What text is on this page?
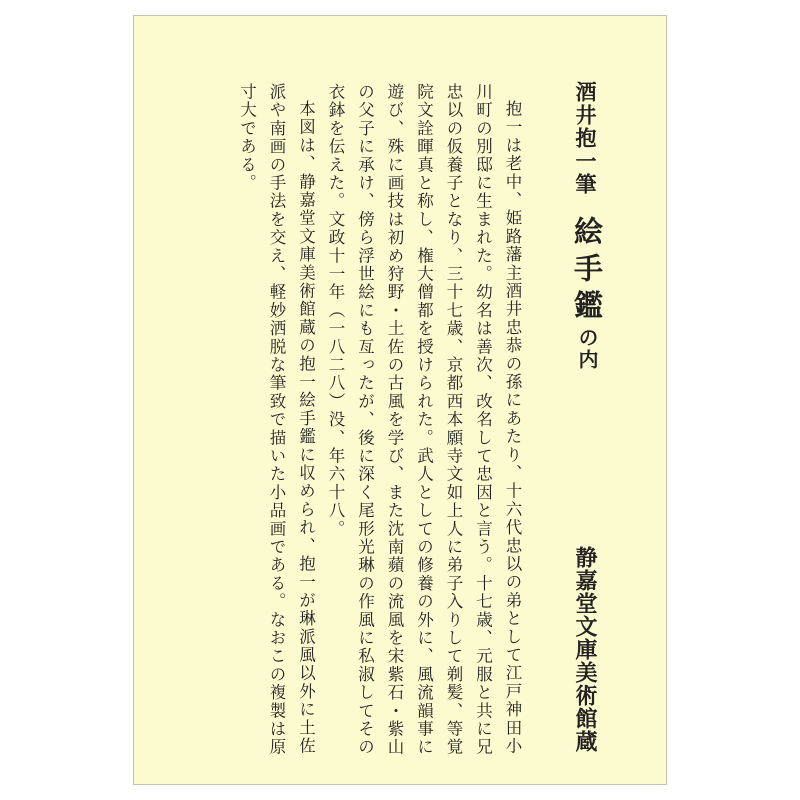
酒井抱一筆
絵手鑑の内
静嘉堂文庫美術館蔵

抱一は老中、姫路藩主酒井忠恭の孫にあたり、十六代忠以の弟として江戸神田小川町の別邸に生まれた。幼名は善次、改名して忠因と言う。十七歳、元服と共に兄忠以の仮養子となり、三十七歳、京都西本願寺文如上人に弟子入りして剃髪、等覚院文詮暉真と称し、権大僧都を授けられた。武人としての修養の外に、風流韻事に遊び、殊に画技は初め狩野・土佐の古風を学び、また沈南蘋の流風を宋紫石・紫山の父子に承け、傍ら浮世絵にも亙ったが、後に深く尾形光琳の作風に私淑してその衣鉢を伝えた。文政十一年（一八二八）没、年六十八。

本図は、静嘉堂文庫美術館蔵の抱一絵手鑑に収められ、抱一が琳派風以外に土佐派や南画の手法を交え、軽妙洒脱な筆致で描いた小品画である。なおこの複製は原寸大である。
